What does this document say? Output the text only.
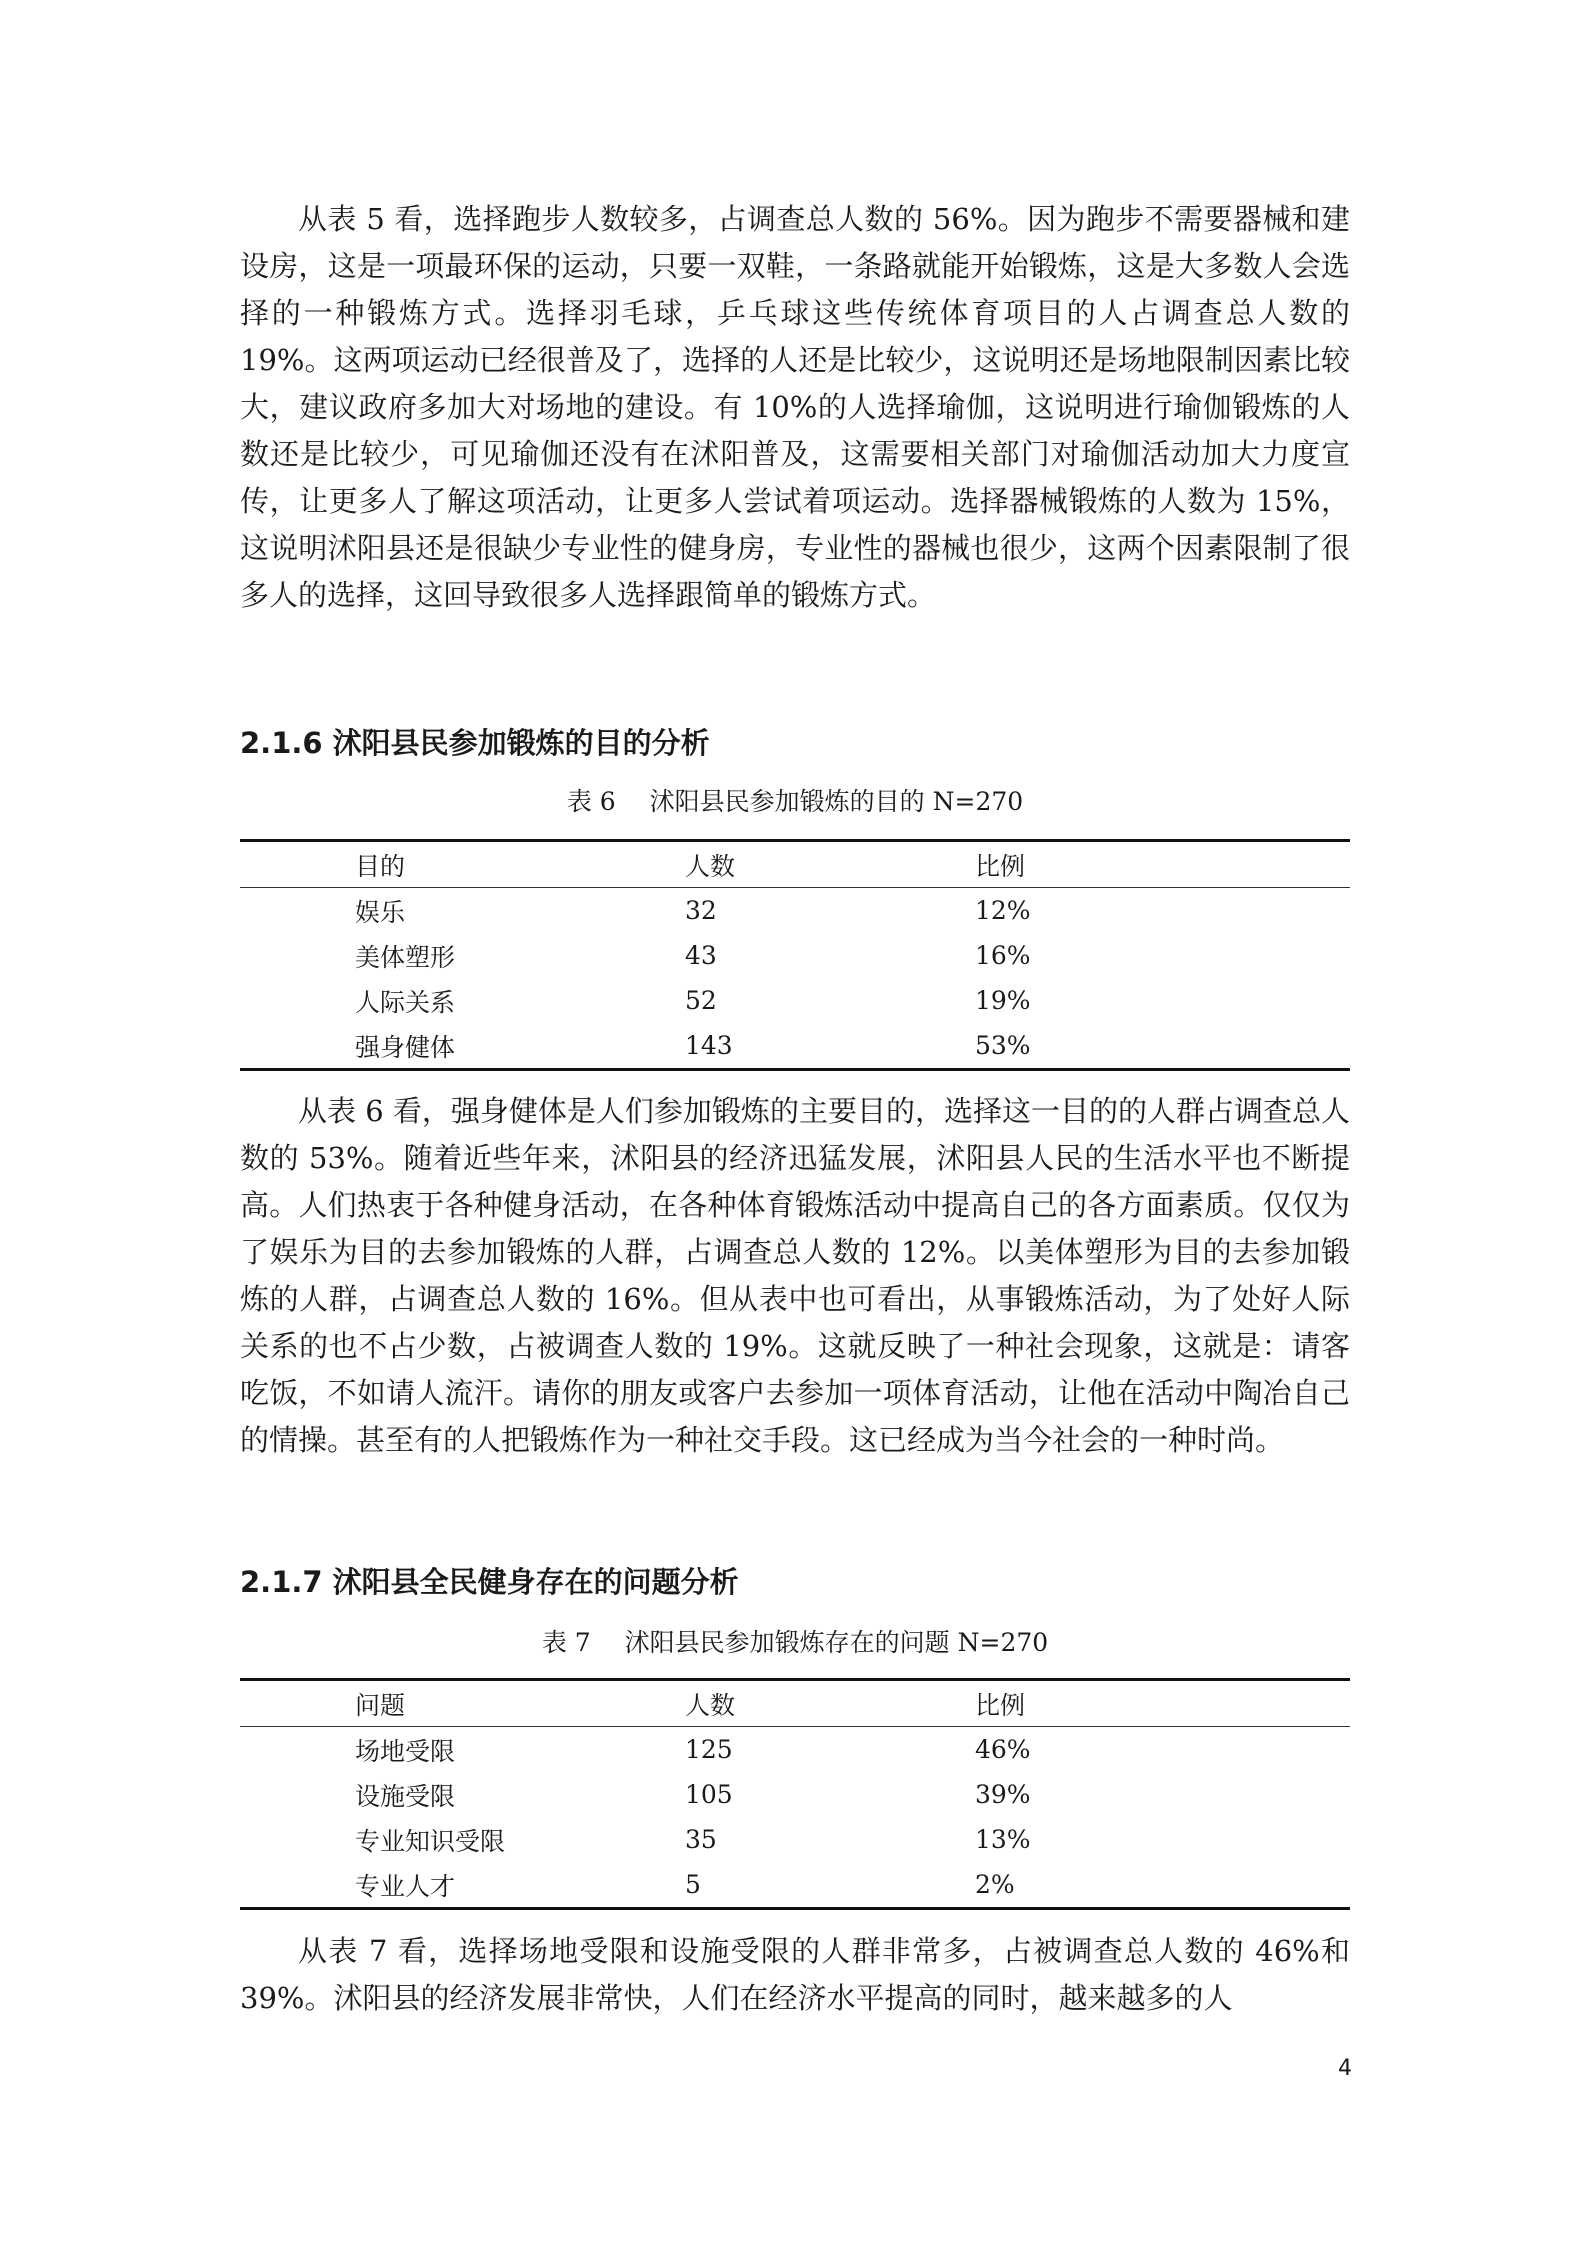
从表 5 看，选择跑步人数较多，占调查总人数的 56%。因为跑步不需要器械和建设房，这是一项最环保的运动，只要一双鞋，一条路就能开始锻炼，这是大多数人会选择的一种锻炼方式。选择羽毛球，乒乓球这些传统体育项目的人占调查总人数的 19%。这两项运动已经很普及了，选择的人还是比较少，这说明还是场地限制因素比较大，建议政府多加大对场地的建设。有 10%的人选择瑜伽，这说明进行瑜伽锻炼的人数还是比较少，可见瑜伽还没有在沭阳普及，这需要相关部门对瑜伽活动加大力度宣传，让更多人了解这项活动，让更多人尝试着项运动。选择器械锻炼的人数为 15%，这说明沭阳县还是很缺少专业性的健身房，专业性的器械也很少，这两个因素限制了很多人的选择，这回导致很多人选择跟简单的锻炼方式。

2.1.6 沭阳县民参加锻炼的目的分析

表 6 沭阳县民参加锻炼的目的 N=270

目的	人数	比例
娱乐	32	12%
美体塑形	43	16%
人际关系	52	19%
强身健体	143	53%

从表 6 看，强身健体是人们参加锻炼的主要目的，选择这一目的的人群占调查总人数的 53%。随着近些年来，沭阳县的经济迅猛发展，沭阳县人民的生活水平也不断提高。人们热衷于各种健身活动，在各种体育锻炼活动中提高自己的各方面素质。仅仅为了娱乐为目的去参加锻炼的人群，占调查总人数的 12%。以美体塑形为目的去参加锻炼的人群，占调查总人数的 16%。但从表中也可看出，从事锻炼活动，为了处好人际关系的也不占少数，占被调查人数的 19%。这就反映了一种社会现象，这就是：请客吃饭，不如请人流汗。请你的朋友或客户去参加一项体育活动，让他在活动中陶冶自己的情操。甚至有的人把锻炼作为一种社交手段。这已经成为当今社会的一种时尚。

2.1.7 沭阳县全民健身存在的问题分析

表 7 沭阳县民参加锻炼存在的问题 N=270

问题	人数	比例
场地受限	125	46%
设施受限	105	39%
专业知识受限	35	13%
专业人才	5	2%

从表 7 看，选择场地受限和设施受限的人群非常多，占被调查总人数的 46%和 39%。沭阳县的经济发展非常快，人们在经济水平提高的同时，越来越多的人

4
